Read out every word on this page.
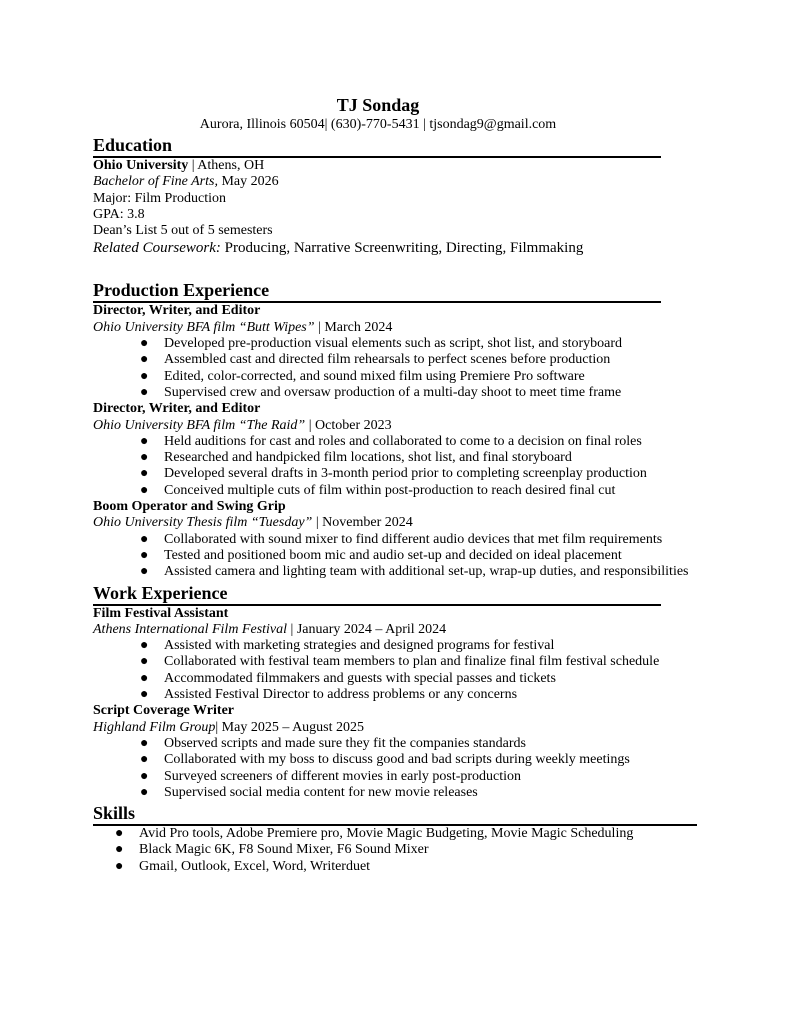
TJ Sondag
Aurora, Illinois 60504| (630)-770-5431 | tjsondag9@gmail.com
Education
Ohio University | Athens, OH
Bachelor of Fine Arts, May 2026
Major: Film Production
GPA: 3.8
Dean’s List 5 out of 5 semesters
Related Coursework: Producing, Narrative Screenwriting, Directing, Filmmaking
Production Experience
Director, Writer, and Editor
Ohio University BFA film “Butt Wipes” | March 2024
● Developed pre-production visual elements such as script, shot list, and storyboard
● Assembled cast and directed film rehearsals to perfect scenes before production
● Edited, color-corrected, and sound mixed film using Premiere Pro software
● Supervised crew and oversaw production of a multi-day shoot to meet time frame
Director, Writer, and Editor
Ohio University BFA film “The Raid” | October 2023
● Held auditions for cast and roles and collaborated to come to a decision on final roles
● Researched and handpicked film locations, shot list, and final storyboard
● Developed several drafts in 3-month period prior to completing screenplay production
● Conceived multiple cuts of film within post-production to reach desired final cut
Boom Operator and Swing Grip
Ohio University Thesis film “Tuesday” | November 2024
● Collaborated with sound mixer to find different audio devices that met film requirements
● Tested and positioned boom mic and audio set-up and decided on ideal placement
● Assisted camera and lighting team with additional set-up, wrap-up duties, and responsibilities
Work Experience
Film Festival Assistant
Athens International Film Festival | January 2024 – April 2024
● Assisted with marketing strategies and designed programs for festival
● Collaborated with festival team members to plan and finalize final film festival schedule
● Accommodated filmmakers and guests with special passes and tickets
● Assisted Festival Director to address problems or any concerns
Script Coverage Writer
Highland Film Group| May 2025 – August 2025
● Observed scripts and made sure they fit the companies standards
● Collaborated with my boss to discuss good and bad scripts during weekly meetings
● Surveyed screeners of different movies in early post-production
● Supervised social media content for new movie releases
Skills
● Avid Pro tools, Adobe Premiere pro, Movie Magic Budgeting, Movie Magic Scheduling
● Black Magic 6K, F8 Sound Mixer, F6 Sound Mixer
● Gmail, Outlook, Excel, Word, Writerduet
